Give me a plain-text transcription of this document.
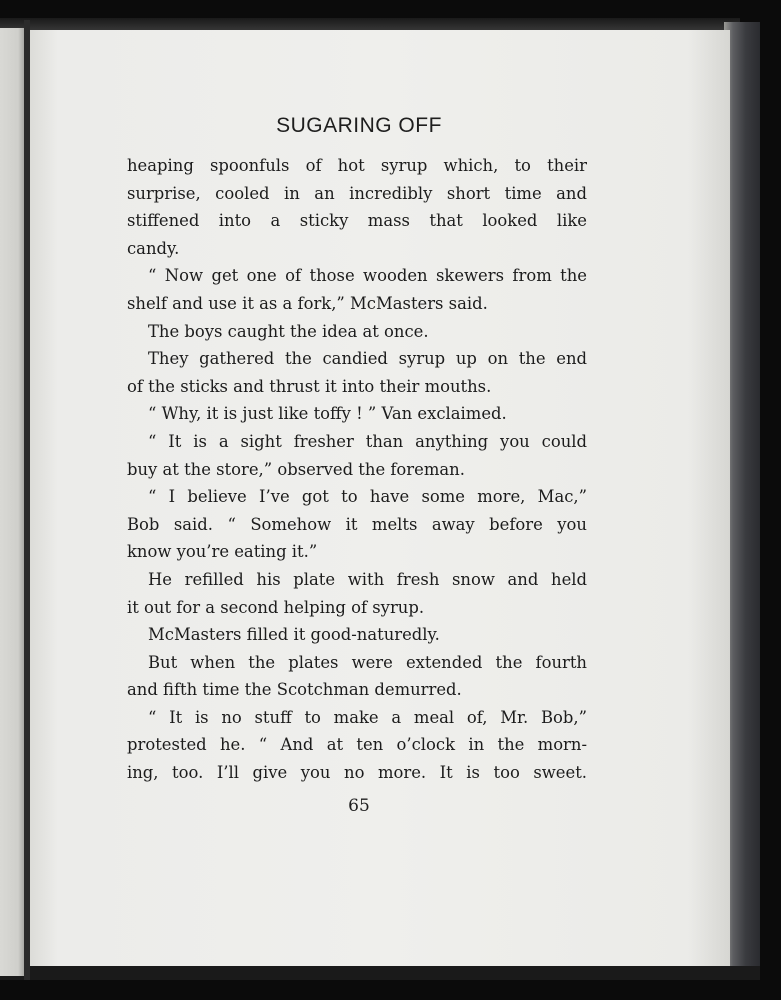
SUGARING OFF
heaping spoonfuls of hot syrup which, to their
surprise, cooled in an incredibly short time and
stiffened into a sticky mass that looked like
candy.
“ Now get one of those wooden skewers from the
shelf and use it as a fork,” McMasters said.
The boys caught the idea at once.
They gathered the candied syrup up on the end
of the sticks and thrust it into their mouths.
“ Why, it is just like toffy ! ” Van exclaimed.
“ It is a sight fresher than anything you could
buy at the store,” observed the foreman.
“ I believe I’ve got to have some more, Mac,”
Bob said. “ Somehow it melts away before you
know you’re eating it.”
He refilled his plate with fresh snow and held
it out for a second helping of syrup.
McMasters filled it good-naturedly.
But when the plates were extended the fourth
and fifth time the Scotchman demurred.
“ It is no stuff to make a meal of, Mr. Bob,”
protested he. “ And at ten o’clock in the morn-
ing, too. I’ll give you no more. It is too sweet.
65
